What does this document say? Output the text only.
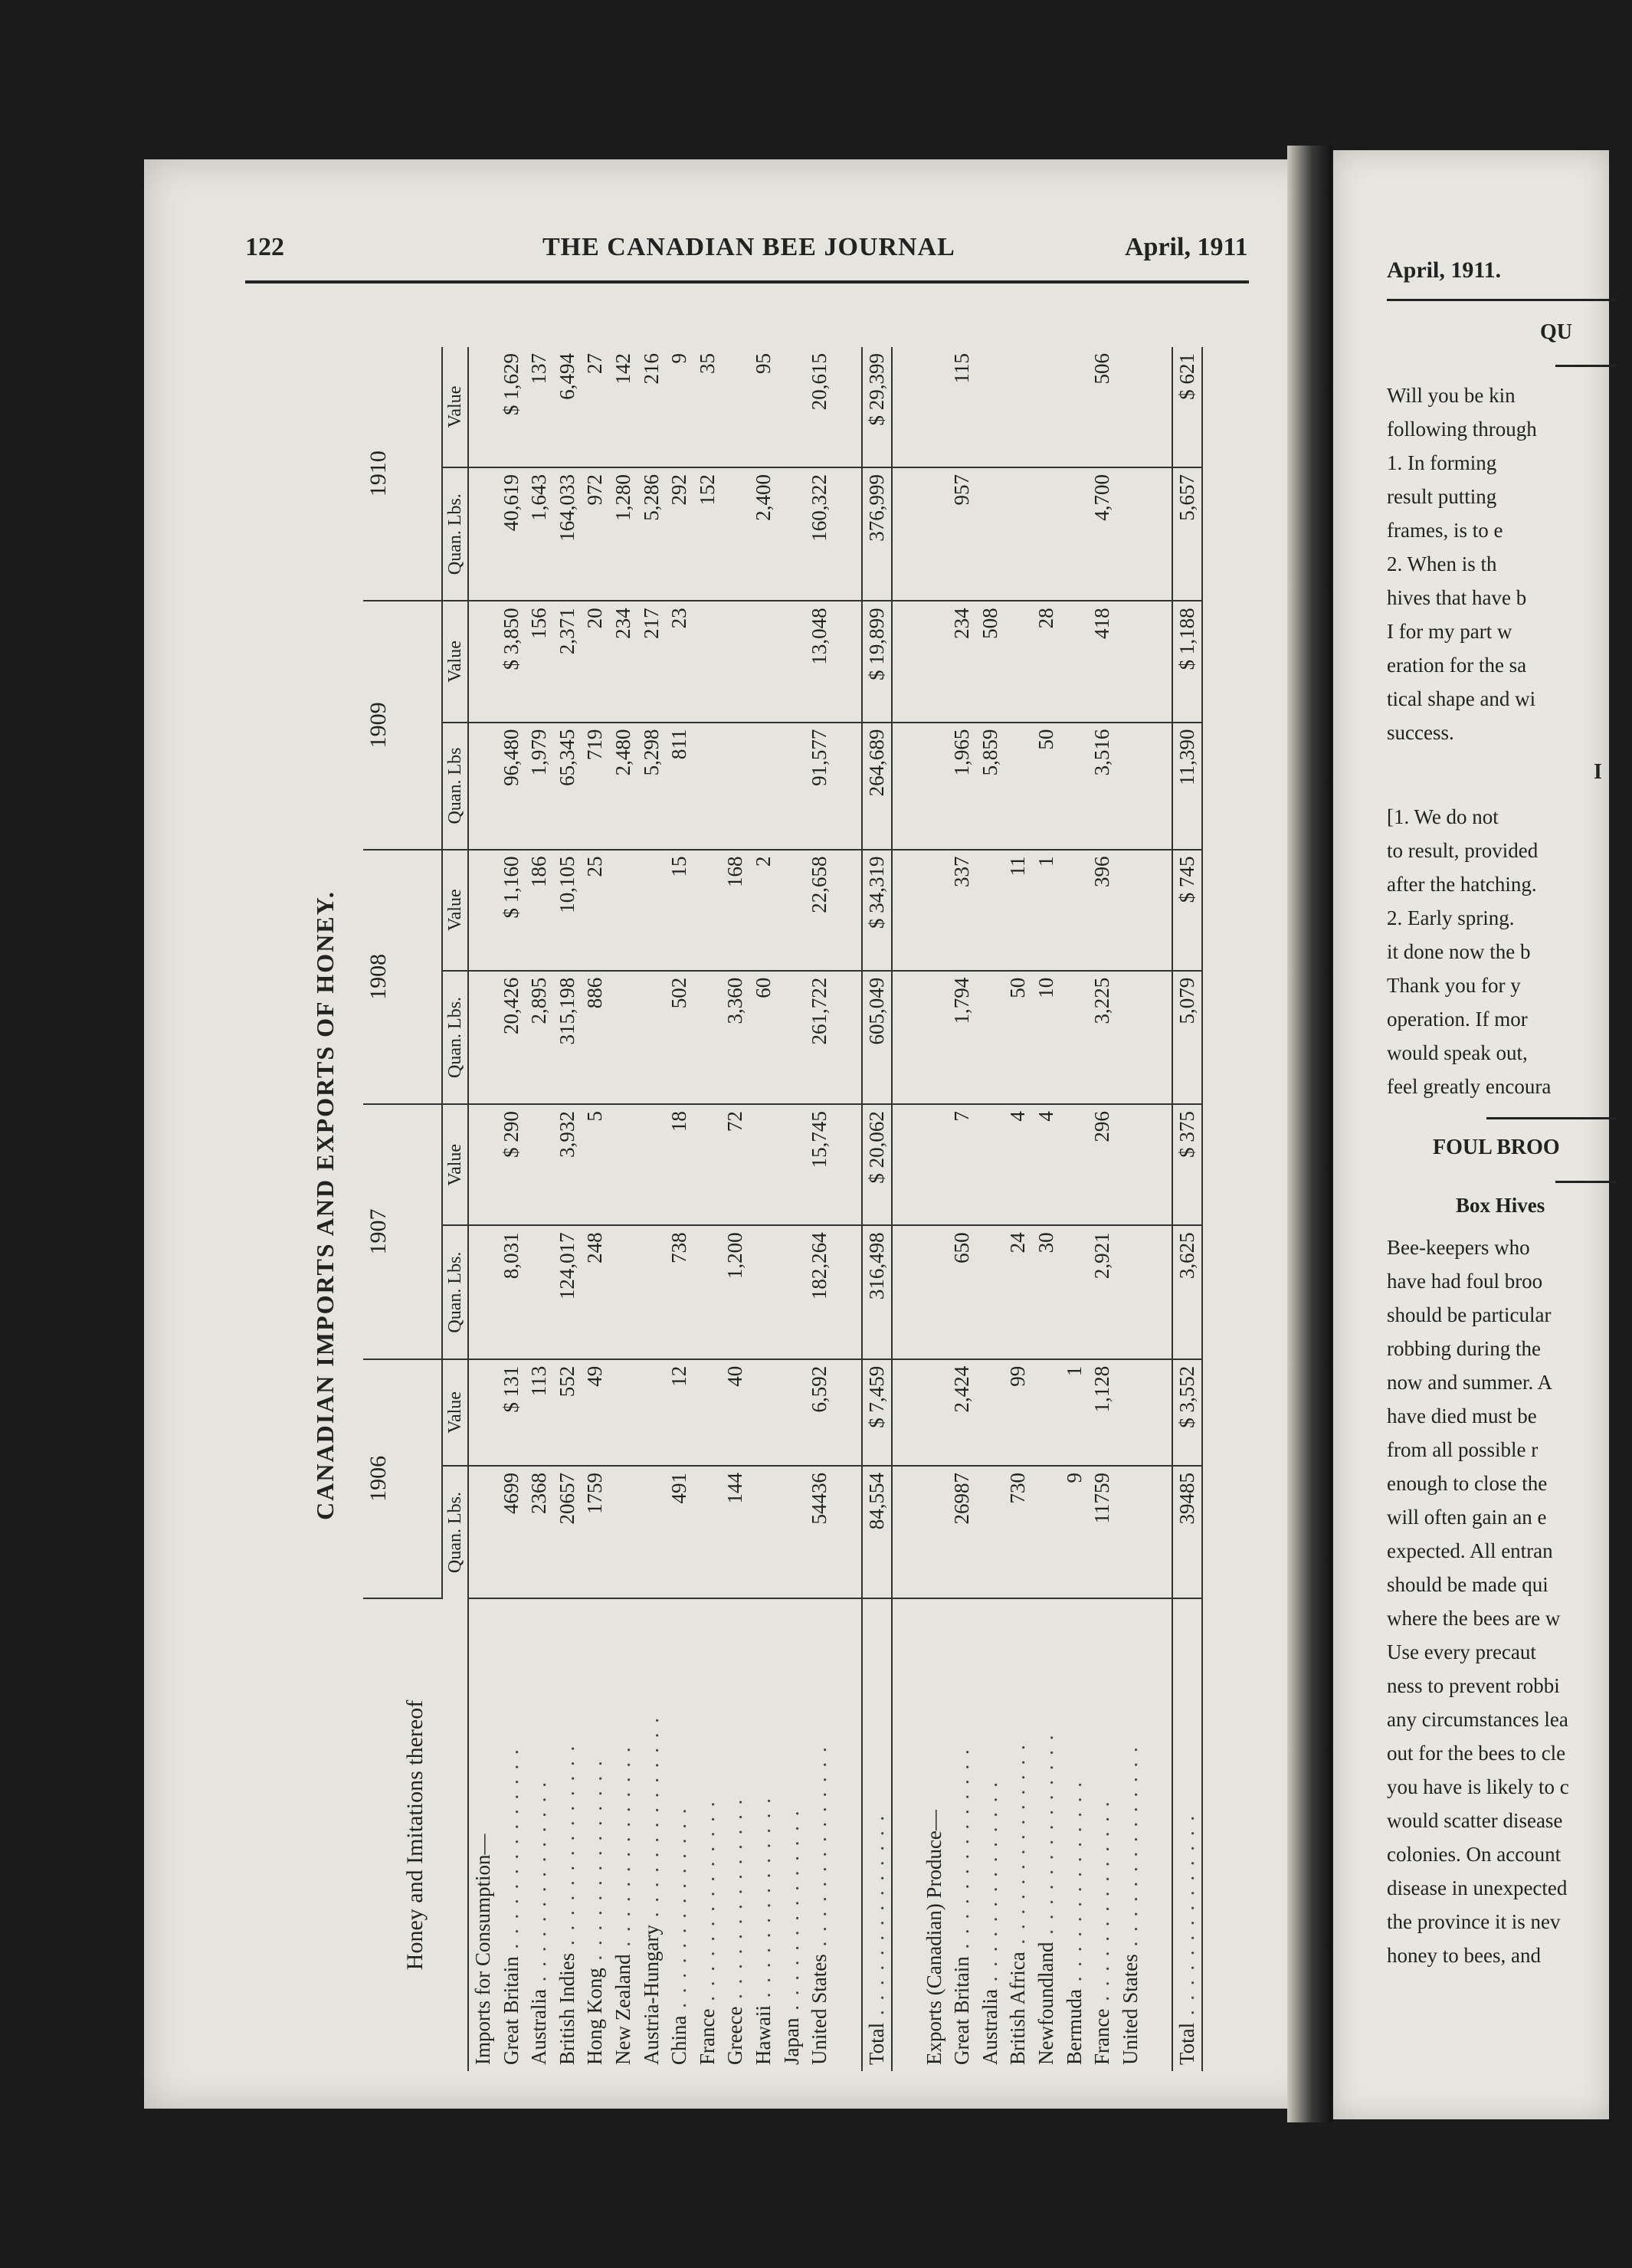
122	THE CANADIAN BEE JOURNAL	April, 1911
CANADIAN IMPORTS AND EXPORTS OF HONEY.
Honey and Imitations thereof	1906		1907		1908		1909		1910	
	Quan. Lbs.	Value	Quan. Lbs.	Value	Quan. Lbs.	Value	Quan. Lbs	Value	Quan. Lbs.	Value
Imports for Consumption—										
Great Britain . . . . . . . . . . . . . .	4699	$ 131	8,031	$ 290	20,426	$ 1,160	96,480	$ 3,850	40,619	$ 1,629
Australia . . . . . . . . . . . . . .	2368	113			2,895	186	1,979	156	1,643	137
British Indies . . . . . . . . . . . . . .	20657	552	124,017	3,932	315,198	10,105	65,345	2,371	164,033	6,494
Hong Kong . . . . . . . . . . . . . .	1759	49	248	5	886	25	719	20	972	27
New Zealand . . . . . . . . . . . . . .							2,480	234	1,280	142
Austria-Hungary . . . . . . . . . . . . . .							5,298	217	5,286	216
China . . . . . . . . . . . . . .	491	12	738	18	502	15	811	23	292	9
France . . . . . . . . . . . . . .									152	35
Greece . . . . . . . . . . . . . .	144	40	1,200	72	3,360	168				
Hawaii . . . . . . . . . . . . . .					60	2			2,400	95
Japan . . . . . . . . . . . . . .										
United States . . . . . . . . . . . . . .	54436	6,592	182,264	15,745	261,722	22,658	91,577	13,048	160,322	20,615

Total . . . . . . . . . . . . . .	84,554	$ 7,459	316,498	$ 20,062	605,049	$ 34,319	264,689	$ 19,899	376,999	$ 29,399

Exports (Canadian) Produce—										
Great Britain . . . . . . . . . . . . . .	26987	2,424	650	7	1,794	337	1,965	234	957	115
Australia . . . . . . . . . . . . . .							5,859	508		
British Africa . . . . . . . . . . . . . .	730	99	24	4	50	11				
Newfoundland . . . . . . . . . . . . . .			30	4	10	1	50	28		
Bermuda . . . . . . . . . . . . . .	9	1								
France . . . . . . . . . . . . . .	11759	1,128	2,921	296	3,225	396	3,516	418	4,700	506
United States . . . . . . . . . . . . . .										

Total . . . . . . . . . . . . . .	39485	$ 3,552	3,625	$ 375	5,079	$ 745	11,390	$ 1,188	5,657	$ 621
April, 1911.
QU
Will you be kin
following through
1. In forming
result putting
frames, is to e
2. When is th
hives that have b
I for my part w
eration for the sa
tical shape and wi
success.
I
[1. We do not
to result, provided
after the hatching.
2. Early spring.
it done now the b
Thank you for y
operation. If mor
would speak out,
feel greatly encoura
FOUL BROO
Box Hives
Bee-keepers who
have had foul broo
should be particular
robbing during the
now and summer. A
have died must be
from all possible r
enough to close the
will often gain an e
expected. All entran
should be made qui
where the bees are w
Use every precaut
ness to prevent robbi
any circumstances lea
out for the bees to cle
you have is likely to c
would scatter disease
colonies. On account
disease in unexpected
the province it is nev
honey to bees, and
